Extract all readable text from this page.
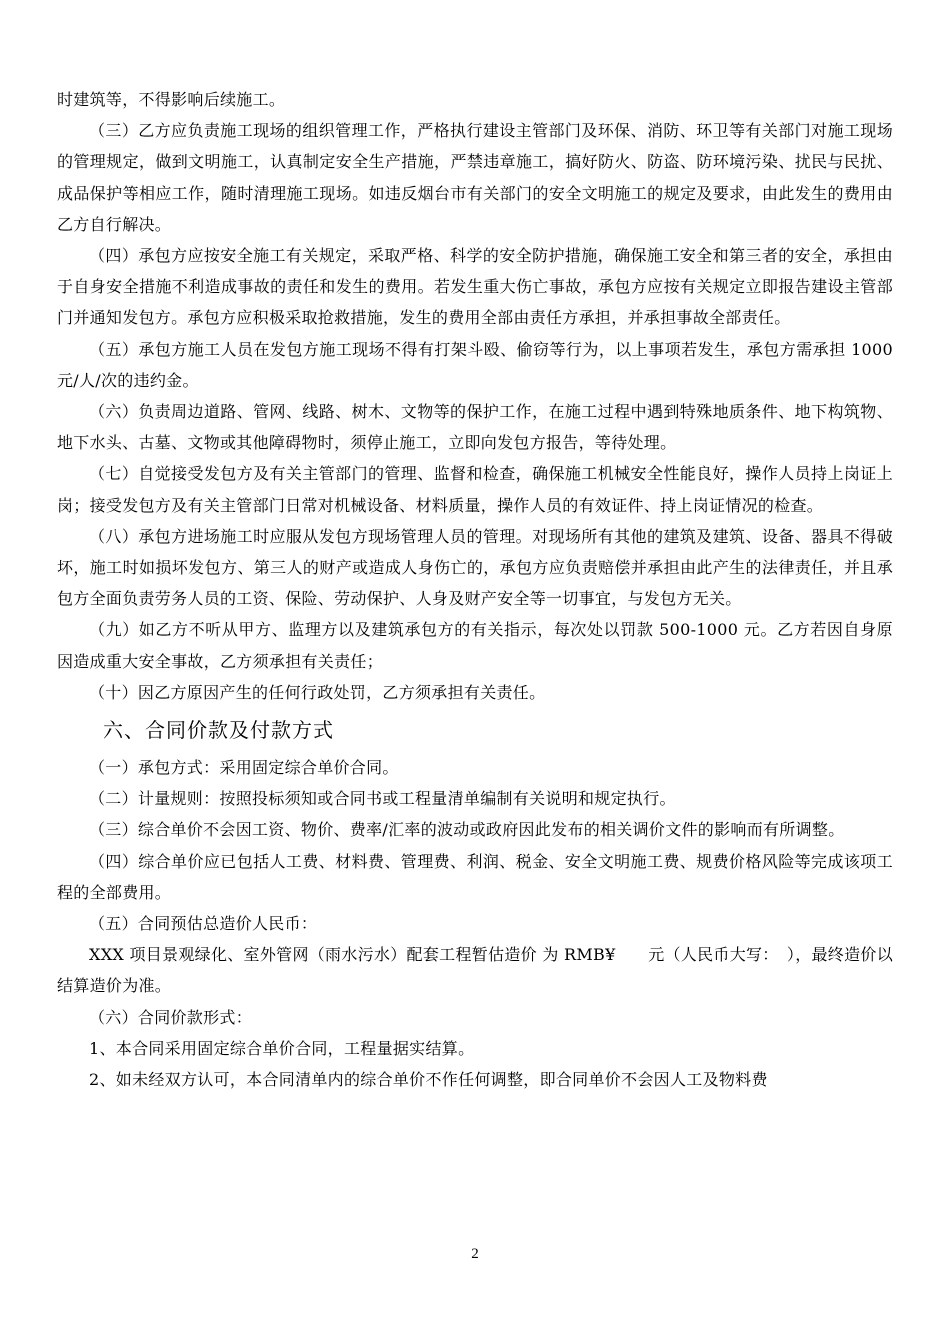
时建筑等，不得影响后续施工。

（三）乙方应负责施工现场的组织管理工作，严格执行建设主管部门及环保、消防、环卫等有关部门对施工现场的管理规定，做到文明施工，认真制定安全生产措施，严禁违章施工，搞好防火、防盗、防环境污染、扰民与民扰、成品保护等相应工作，随时清理施工现场。如违反烟台市有关部门的安全文明施工的规定及要求，由此发生的费用由乙方自行解决。

（四）承包方应按安全施工有关规定，采取严格、科学的安全防护措施，确保施工安全和第三者的安全，承担由于自身安全措施不利造成事故的责任和发生的费用。若发生重大伤亡事故，承包方应按有关规定立即报告建设主管部门并通知发包方。承包方应积极采取抢救措施，发生的费用全部由责任方承担，并承担事故全部责任。

（五）承包方施工人员在发包方施工现场不得有打架斗殴、偷窃等行为，以上事项若发生，承包方需承担 1000 元/人/次的违约金。

（六）负责周边道路、管网、线路、树木、文物等的保护工作，在施工过程中遇到特殊地质条件、地下构筑物、地下水头、古墓、文物或其他障碍物时，须停止施工，立即向发包方报告，等待处理。

（七）自觉接受发包方及有关主管部门的管理、监督和检查，确保施工机械安全性能良好，操作人员持上岗证上岗；接受发包方及有关主管部门日常对机械设备、材料质量，操作人员的有效证件、持上岗证情况的检查。

（八）承包方进场施工时应服从发包方现场管理人员的管理。对现场所有其他的建筑及建筑、设备、器具不得破坏，施工时如损坏发包方、第三人的财产或造成人身伤亡的，承包方应负责赔偿并承担由此产生的法律责任，并且承包方全面负责劳务人员的工资、保险、劳动保护、人身及财产安全等一切事宜，与发包方无关。

（九）如乙方不听从甲方、监理方以及建筑承包方的有关指示，每次处以罚款 500-1000 元。乙方若因自身原因造成重大安全事故，乙方须承担有关责任；

（十）因乙方原因产生的任何行政处罚，乙方须承担有关责任。

六、合同价款及付款方式

（一）承包方式：采用固定综合单价合同。

（二）计量规则：按照投标须知或合同书或工程量清单编制有关说明和规定执行。

（三）综合单价不会因工资、物价、费率/汇率的波动或政府因此发布的相关调价文件的影响而有所调整。

（四）综合单价应已包括人工费、材料费、管理费、利润、税金、安全文明施工费、规费价格风险等完成该项工程的全部费用。

（五）合同预估总造价人民币：

XXX 项目景观绿化、室外管网（雨水污水）配套工程暂估造价 为 RMB¥　　元（人民币大写：　），最终造价以结算造价为准。

（六）合同价款形式：

1、本合同采用固定综合单价合同，工程量据实结算。

2、如未经双方认可，本合同清单内的综合单价不作任何调整，即合同单价不会因人工及物料费

2
